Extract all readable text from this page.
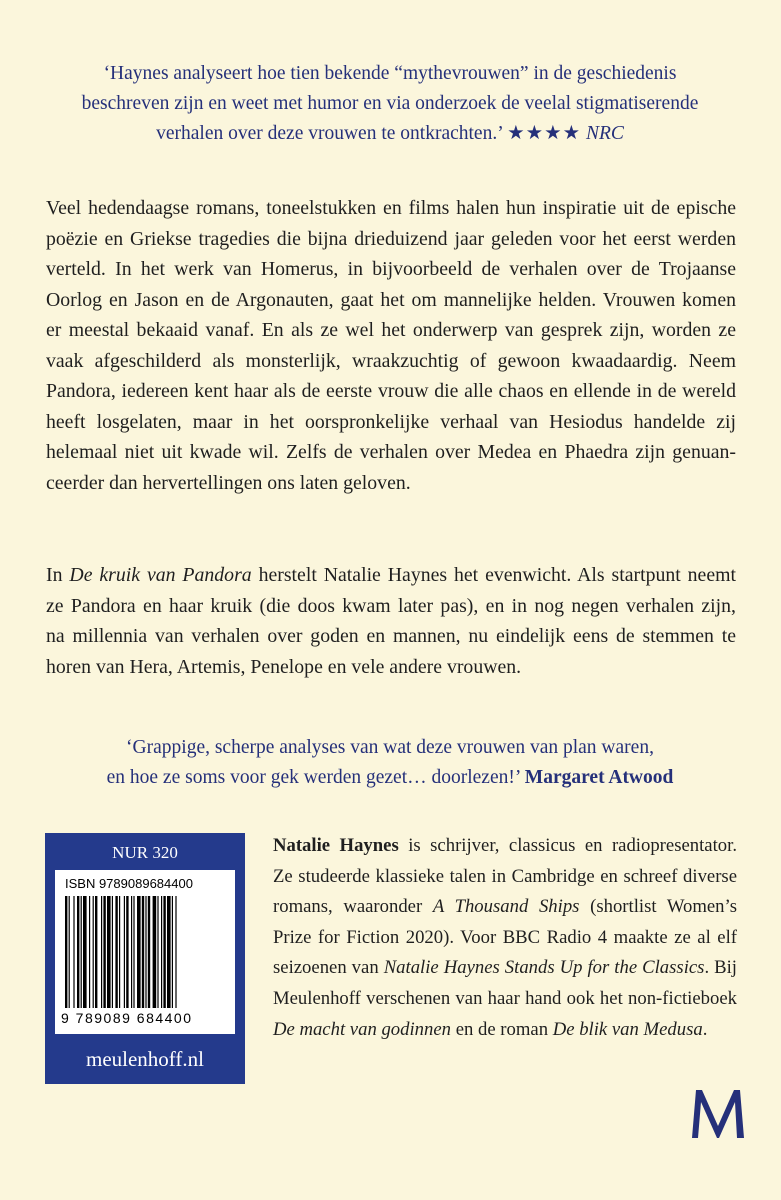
‘Haynes analyseert hoe tien bekende “mythevrouwen” in de geschiedenis
beschreven zijn en weet met humor en via onderzoek de veelal stigmatiserende
verhalen over deze vrouwen te ontkrachten.’ ★★★★ NRC
Veel hedendaagse romans, toneelstukken en films halen hun inspiratie uit de epische
poëzie en Griekse tragedies die bijna drieduizend jaar geleden voor het eerst werden
verteld. In het werk van Homerus, in bijvoorbeeld de verhalen over de Trojaanse
Oorlog en Jason en de Argonauten, gaat het om mannelijke helden. Vrouwen komen
er meestal bekaaid vanaf. En als ze wel het onderwerp van gesprek zijn, worden ze
vaak afgeschilderd als monsterlijk, wraakzuchtig of gewoon kwaadaardig. Neem
Pandora, iedereen kent haar als de eerste vrouw die alle chaos en ellende in de wereld
heeft losgelaten, maar in het oorspronkelijke verhaal van Hesiodus handelde zij
helemaal niet uit kwade wil. Zelfs de verhalen over Medea en Phaedra zijn genuan-
ceerder dan hervertellingen ons laten geloven.
In De kruik van Pandora herstelt Natalie Haynes het evenwicht. Als startpunt neemt
ze Pandora en haar kruik (die doos kwam later pas), en in nog negen verhalen zijn,
na millennia van verhalen over goden en mannen, nu eindelijk eens de stemmen te
horen van Hera, Artemis, Penelope en vele andere vrouwen.
‘Grappige, scherpe analyses van wat deze vrouwen van plan waren,
en hoe ze soms voor gek werden gezet… doorlezen!’ Margaret Atwood
NUR 320
ISBN 9789089684400
9 789089 684400
meulenhoff.nl
Natalie Haynes is schrijver, classicus en radiopresentator.
Ze studeerde klassieke talen in Cambridge en schreef diverse
romans, waaronder A Thousand Ships (shortlist Women’s
Prize for Fiction 2020). Voor BBC Radio 4 maakte ze al elf
seizoenen van Natalie Haynes Stands Up for the Classics. Bij
Meulenhoff verschenen van haar hand ook het non-fictieboek
De macht van godinnen en de roman De blik van Medusa.
